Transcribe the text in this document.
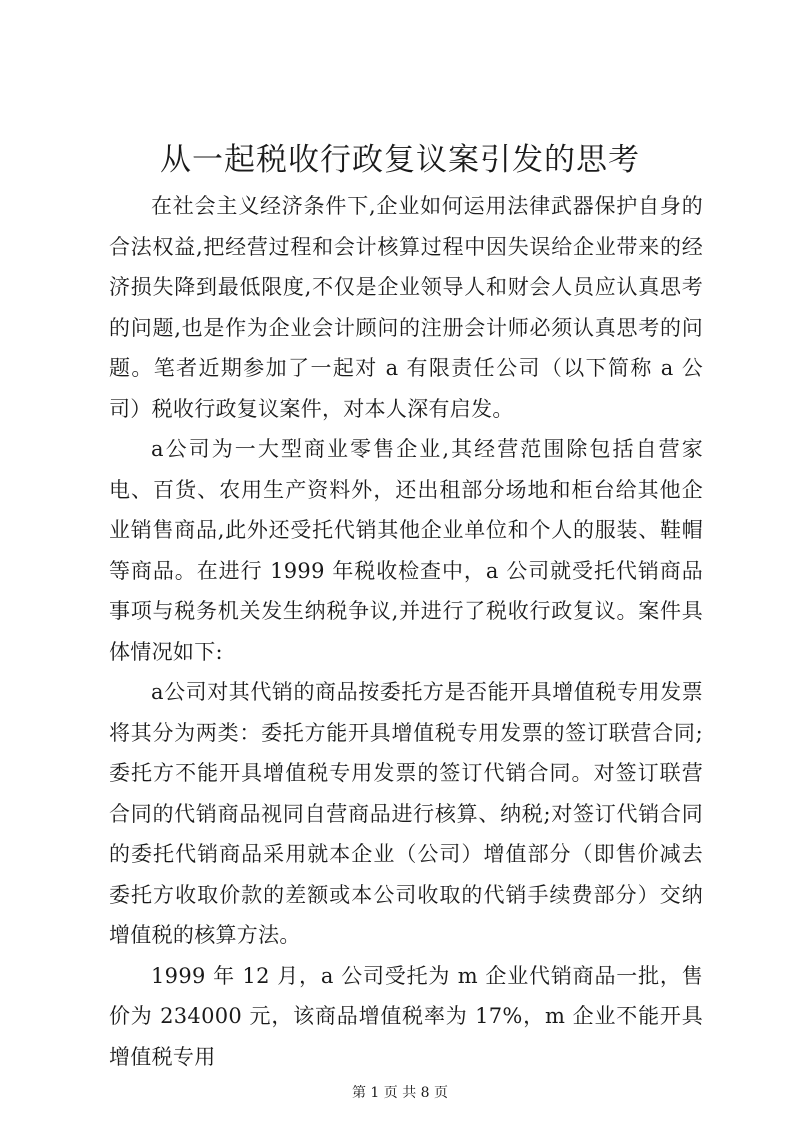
从一起税收行政复议案引发的思考

在社会主义经济条件下,企业如何运用法律武器保护自身的合法权益,把经营过程和会计核算过程中因失误给企业带来的经济损失降到最低限度,不仅是企业领导人和财会人员应认真思考的问题,也是作为企业会计顾问的注册会计师必须认真思考的问题。笔者近期参加了一起对 a 有限责任公司（以下简称 a 公司）税收行政复议案件，对本人深有启发。

a公司为一大型商业零售企业,其经营范围除包括自营家电、百货、农用生产资料外，还出租部分场地和柜台给其他企业销售商品,此外还受托代销其他企业单位和个人的服装、鞋帽等商品。在进行 1999 年税收检查中，a 公司就受托代销商品事项与税务机关发生纳税争议,并进行了税收行政复议。案件具体情况如下:

a公司对其代销的商品按委托方是否能开具增值税专用发票将其分为两类：委托方能开具增值税专用发票的签订联营合同;委托方不能开具增值税专用发票的签订代销合同。对签订联营合同的代销商品视同自营商品进行核算、纳税;对签订代销合同的委托代销商品采用就本企业（公司）增值部分（即售价减去委托方收取价款的差额或本公司收取的代销手续费部分）交纳增值税的核算方法。

1999 年 12 月，a 公司受托为 m 企业代销商品一批，售价为 234000 元，该商品增值税率为 17%，m 企业不能开具增值税专用

第 1 页 共 8 页
